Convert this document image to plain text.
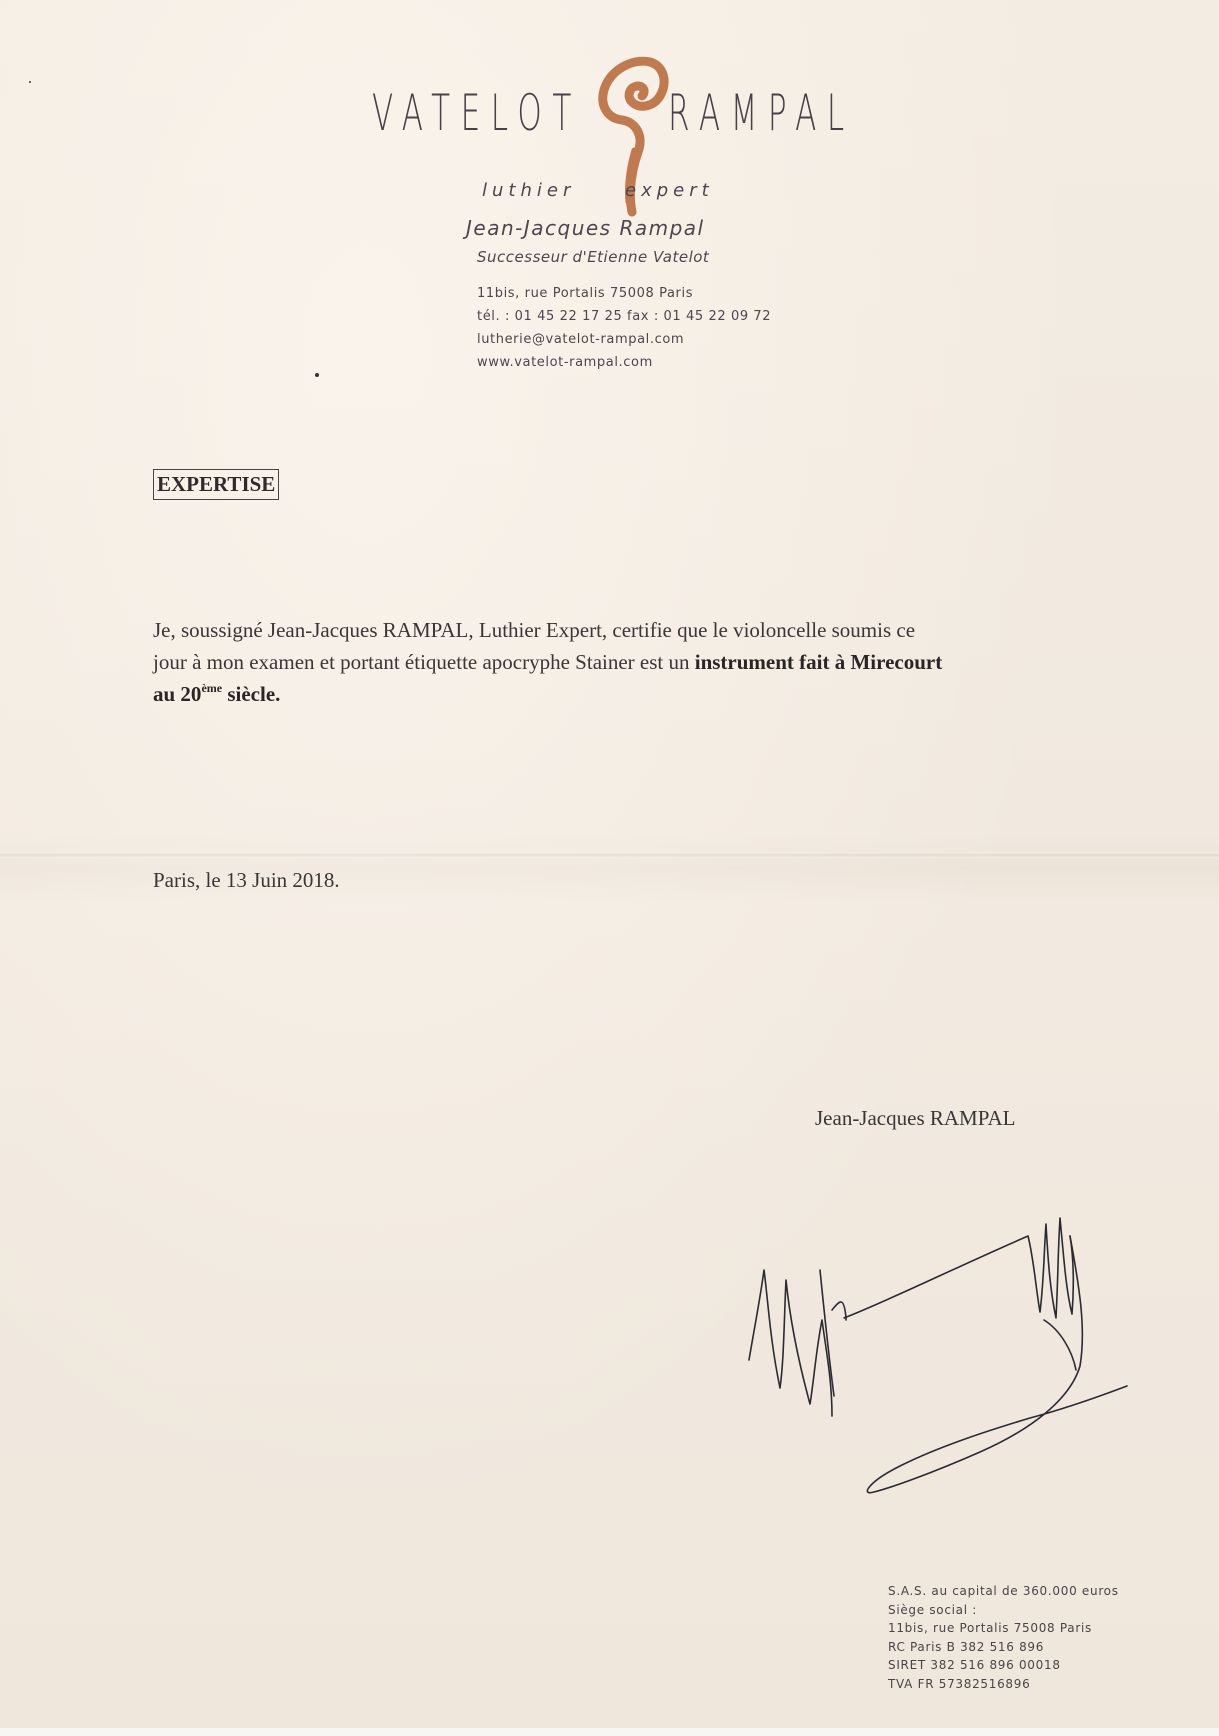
VATELOT RAMPAL
luthier	expert
Jean-Jacques Rampal
Successeur d'Etienne Vatelot
11bis, rue Portalis 75008 Paris
tél. : 01 45 22 17 25 fax : 01 45 22 09 72
lutherie@vatelot-rampal.com
www.vatelot-rampal.com
EXPERTISE
Je, soussigné Jean-Jacques RAMPAL, Luthier Expert, certifie que le violoncelle soumis ce
jour à mon examen et portant étiquette apocryphe Stainer est un instrument fait à Mirecourt
au 20ème siècle.
Paris, le 13 Juin 2018.
Jean-Jacques RAMPAL
S.A.S. au capital de 360.000 euros
Siège social :
11bis, rue Portalis 75008 Paris
RC Paris B 382 516 896
SIRET 382 516 896 00018
TVA FR 57382516896
